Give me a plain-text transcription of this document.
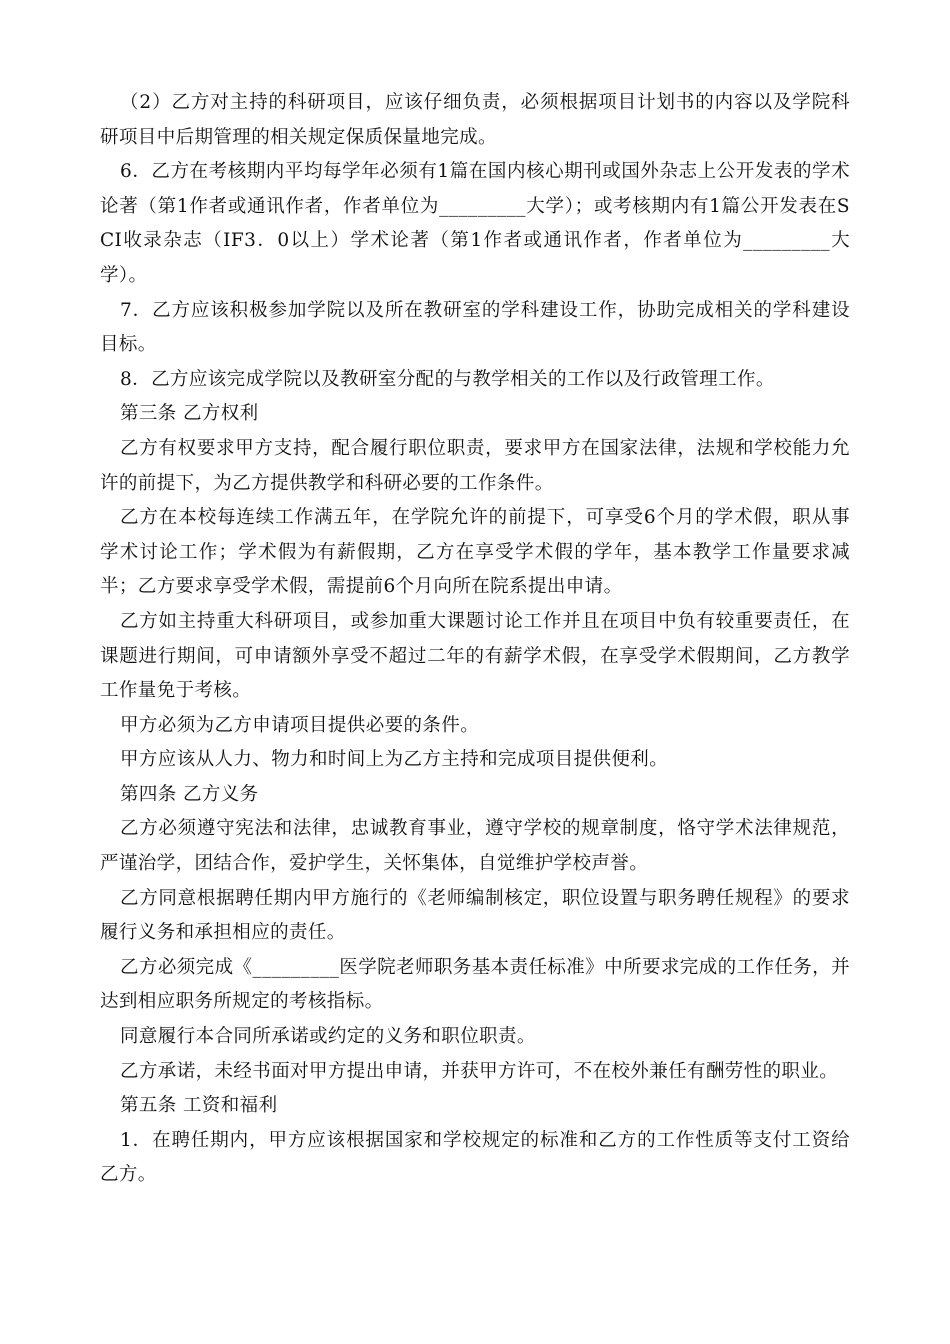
（2）乙方对主持的科研项目，应该仔细负责，必须根据项目计划书的内容以及学院科研项目中后期管理的相关规定保质保量地完成。

6．乙方在考核期内平均每学年必须有1篇在国内核心期刊或国外杂志上公开发表的学术论著（第1作者或通讯作者，作者单位为_________大学）；或考核期内有1篇公开发表在SCI收录杂志（IF3．0以上）学术论著（第1作者或通讯作者，作者单位为_________大学）。

7．乙方应该积极参加学院以及所在教研室的学科建设工作，协助完成相关的学科建设目标。

8．乙方应该完成学院以及教研室分配的与教学相关的工作以及行政管理工作。

第三条 乙方权利

乙方有权要求甲方支持，配合履行职位职责，要求甲方在国家法律，法规和学校能力允许的前提下，为乙方提供教学和科研必要的工作条件。

乙方在本校每连续工作满五年，在学院允许的前提下，可享受6个月的学术假，职从事学术讨论工作；学术假为有薪假期，乙方在享受学术假的学年，基本教学工作量要求减半；乙方要求享受学术假，需提前6个月向所在院系提出申请。

乙方如主持重大科研项目，或参加重大课题讨论工作并且在项目中负有较重要责任，在课题进行期间，可申请额外享受不超过二年的有薪学术假，在享受学术假期间，乙方教学工作量免于考核。

甲方必须为乙方申请项目提供必要的条件。

甲方应该从人力、物力和时间上为乙方主持和完成项目提供便利。

第四条 乙方义务

乙方必须遵守宪法和法律，忠诚教育事业，遵守学校的规章制度，恪守学术法律规范，严谨治学，团结合作，爱护学生，关怀集体，自觉维护学校声誉。

乙方同意根据聘任期内甲方施行的《老师编制核定，职位设置与职务聘任规程》的要求履行义务和承担相应的责任。

乙方必须完成《_________医学院老师职务基本责任标准》中所要求完成的工作任务，并达到相应职务所规定的考核指标。

同意履行本合同所承诺或约定的义务和职位职责。

乙方承诺，未经书面对甲方提出申请，并获甲方许可，不在校外兼任有酬劳性的职业。

第五条 工资和福利

1．在聘任期内，甲方应该根据国家和学校规定的标准和乙方的工作性质等支付工资给乙方。
